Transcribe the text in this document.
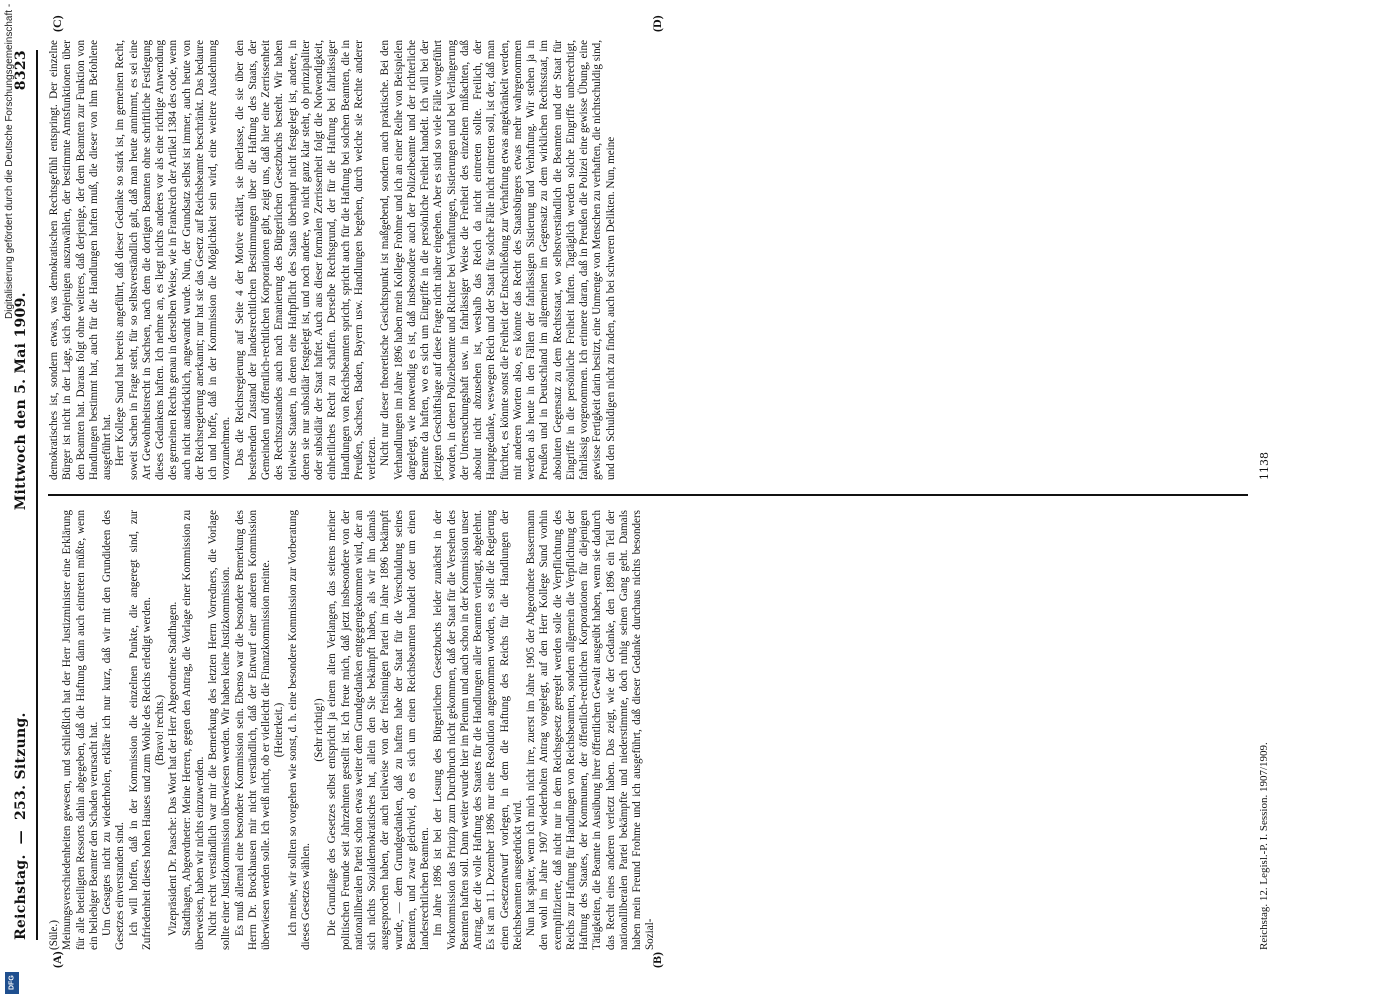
Digitalisierung gefördert durch die Deutsche Forschungsgemeinschaft -
DFG
Reichstag.
—
253. Sitzung.
Mittwoch den 5. Mai 1909.
8323
(A)	(B)
(C)	(D)

(Süle.) Meinungsverschiedenheiten gewesen, und schließlich hat der Herr Justizminister eine Erklärung für alle beteiligten Ressorts dahin abgegeben, daß die Haftung dann auch eintreten müßte, wenn ein beliebiger Beamter den Schaden verursacht hat. Um Gesagtes nicht zu wiederholen, erkläre ich nur kurz, daß wir mit den Grundideen des Gesetzes einverstanden sind. Ich will hoffen, daß in der Kommission die einzelnen Punkte, die angeregt sind, zur Zufriedenheit dieses hohen Hauses und zum Wohle des Reichs erledigt werden. (Bravo! rechts.) Vizepräsident Dr. Paasche: Das Wort hat der Herr Abgeordnete Stadthagen. Stadthagen, Abgeordneter: Meine Herren, gegen den Antrag, die Vorlage einer Kommission zu überweisen, haben wir nichts einzuwenden. Nicht recht verständlich war mir die Bemerkung des letzten Herrn Vorredners, die Vorlage sollte einer Justizkommission überwiesen werden. Wir haben keine Justizkommission. Es muß allemal eine besondere Kommission sein. Ebenso war die besondere Bemerkung des Herrn Dr. Brockhausen mir nicht verständlich, daß der Entwurf einer anderen Kommission überwiesen werden solle. Ich weiß nicht, ob er vielleicht die Finanzkommission meinte. (Heiterkeit.) Ich meine, wir sollten so vorgehen wie sonst, d. h. eine besondere Kommission zur Vorberatung dieses Gesetzes wählen.

(Sehr richtig!) Die Grundlage des Gesetzes selbst entspricht ja einem alten Verlangen, das seitens meiner politischen Freunde seit Jahrzehnten gestellt ist. Ich freue mich, daß jetzt insbesondere von der nationalliberalen Partei schon etwas weiter dem Grundgedanken entgegengekommen wird, der an sich nichts Sozialdemokratisches hat, allein den Sie bekämpft haben, als wir ihn damals ausgesprochen haben, der auch teilweise von der freisinnigen Partei im Jahre 1896 bekämpft wurde, — dem Grundgedanken, daß zu haften habe der Staat für die Verschuldung seines Beamten, und zwar gleichviel, ob es sich um einen Reichsbeamten handelt oder um einen landesrechtlichen Beamten. Im Jahre 1896 ist bei der Lesung des Bürgerlichen Gesetzbuchs leider zunächst in der Vorkommission das Prinzip zum Durchbruch nicht gekommen, daß der Staat für die Versehen des Beamten haften soll. Dann weiter wurde hier im Plenum und auch schon in der Kommission unser Antrag, der die volle Haftung des Staates für die Handlungen aller Beamten verlangt, abgelehnt. Es ist am 11. Dezember 1896 nur eine Resolution angenommen worden, es solle die Regierung einen Gesetzentwurf vorlegen, in dem die Haftung des Reichs für die Handlungen der Reichsbeamten ausgedrückt wird. Nun hat später, wenn ich mich nicht irre, zuerst im Jahre 1905 der Abgeordnete Bassermann den wohl im Jahre 1907 wiederholten Antrag vorgelegt, auf den Herr Kollege Sund vorhin exemplifizierte, daß nicht nur in dem Reichsgesetz geregelt werden solle die Verpflichtung des Reichs zur Haftung für Handlungen von Reichsbeamten, sondern allgemein die Verpflichtung der Haftung des Staates, der Kommunen, der öffentlich-rechtlichen Korporationen für diejenigen Tätigkeiten, die Beamte in Ausübung ihrer öffentlichen Gewalt ausgeübt haben, wenn sie dadurch das Recht eines anderen verletzt haben. Das zeigt, wie der Gedanke, den 1896 ein Teil der nationalliberalen Partei bekämpfte und niederstimmte, doch ruhig seinen Gang geht. Damals haben mein Freund Frohme und ich ausgeführt, daß dieser Gedanke durchaus nichts besonders Sozial-

demokratisches ist, sondern etwas, was demokratischen Rechtsgefühl entspringt. Der einzelne Bürger ist nicht in der Lage, sich denjenigen auszuwählen, der bestimmte Amtsfunktionen über den Beamten hat. Daraus folgt ohne weiteres, daß derjenige, der dem Beamten zur Funktion von Handlungen bestimmt hat, auch für die Handlungen haften muß, die dieser von ihm Befohlene ausgeführt hat. Herr Kollege Sund hat bereits angeführt, daß dieser Gedanke so stark ist, im gemeinen Recht, soweit Sachen in Frage steht, für so selbstverständlich galt, daß man heute annimmt, es sei eine Art Gewohnheitsrecht in Sachsen, nach dem die dortigen Beamten ohne schriftliche Festlegung dieses Gedankens haften. Ich nehme an, es liegt nichts anderes vor als eine richtige Anwendung des gemeinen Rechts genau in derselben Weise, wie in Frankreich der Artikel 1384 des code, wenn auch nicht ausdrücklich, angewandt wurde. Nun, der Grundsatz selbst ist immer, auch heute von der Reichsregierung anerkannt; nur hat sie das Gesetz auf Reichsbeamte beschränkt. Das bedaure ich und hoffe, daß in der Kommission die Möglichkeit sein wird, eine weitere Ausdehnung vorzunehmen. Das die Reichsregierung auf Seite 4 der Motive erklärt, sie überlasse, die sie über den bestehenden Zustand der landesrechtlichen Bestimmungen über die Haftung des Staats, der Gemeinden und öffentlich-rechtlichen Korporationen gibt, zeigt uns, daß hier eine Zerrissenheit des Rechtszustandes auch nach Emanierung des Bürgerlichen Gesetzbuchs besteht. Wir haben teilweise Staaten, in denen eine Haftpflicht des Staats überhaupt nicht festgelegt ist, andere, in denen sie nur subsidiär festgelegt ist, und noch andere, wo nicht ganz klar steht, ob prinzipaliter oder subsidiär der Staat haftet. Auch aus dieser formalen Zerrissenheit folgt die Notwendigkeit, einheitliches Recht zu schaffen. Derselbe Rechtsgrund, der für die Haftung bei fahrlässiger Handlungen von Reichsbeamten spricht, spricht auch für die Haftung bei solchen Beamten, die in Preußen, Sachsen, Baden, Bayern usw. Handlungen begehen, durch welche sie Rechte anderer verletzen. Nicht nur dieser theoretische Gesichtspunkt ist maßgebend, sondern auch praktische. Bei den Verhandlungen im Jahre 1896 haben mein Kollege Frohme und ich an einer Reihe von Beispielen dargelegt, wie notwendig es ist, daß insbesondere auch der Polizeibeamte und der richterliche Beamte da haften, wo es sich um Eingriffe in die persönliche Freiheit handelt. Ich will bei der jetzigen Geschäftslage auf diese Frage nicht näher eingehen. Aber es sind so viele Fälle vorgeführt worden, in denen Polizeibeamte und Richter bei Verhaftungen, Sistierungen und bei Verlängerung der Untersuchungshaft usw. in fahrlässiger Weise die Freiheit des einzelnen mißachten, daß absolut nicht abzusehen ist, weshalb das Reich da nicht eintreten sollte. Freilich, der Hauptgedanke, weswegen Reich und der Staat für solche Fälle nicht eintreten soll, ist der, daß man fürchtet, es könnte sonst die Freiheit der Entschließung zur Verhaftung etwas angekränkelt werden, mit anderen Worten also, es könnte das Recht des Staatsbürgers etwas mehr wahrgenommen werden als heute in den Fällen der fahrlässigen Sistierung und Verhaftung. Wir stehen ja in Preußen und in Deutschland im allgemeinen im Gegensatz zu dem wirklichen Rechtsstaat, im absoluten Gegensatz zu dem Rechtsstaat, wo selbstverständlich die Beamten und der Staat für Eingriffe in die persönliche Freiheit haften. Tagtäglich werden solche Eingriffe unberechtigt, fahrlässig vorgenommen. Ich erinnere daran, daß in Preußen die Polizei eine gewisse Übung, eine gewisse Fertigkeit darin besitzt, eine Unmenge von Menschen zu verhaften, die nichtschuldig sind, und den Schuldigen nicht zu finden, auch bei schweren Delikten. Nun, meine

Reichstag. 12. Legisl.-P. I. Session. 1907/1909.
1138
